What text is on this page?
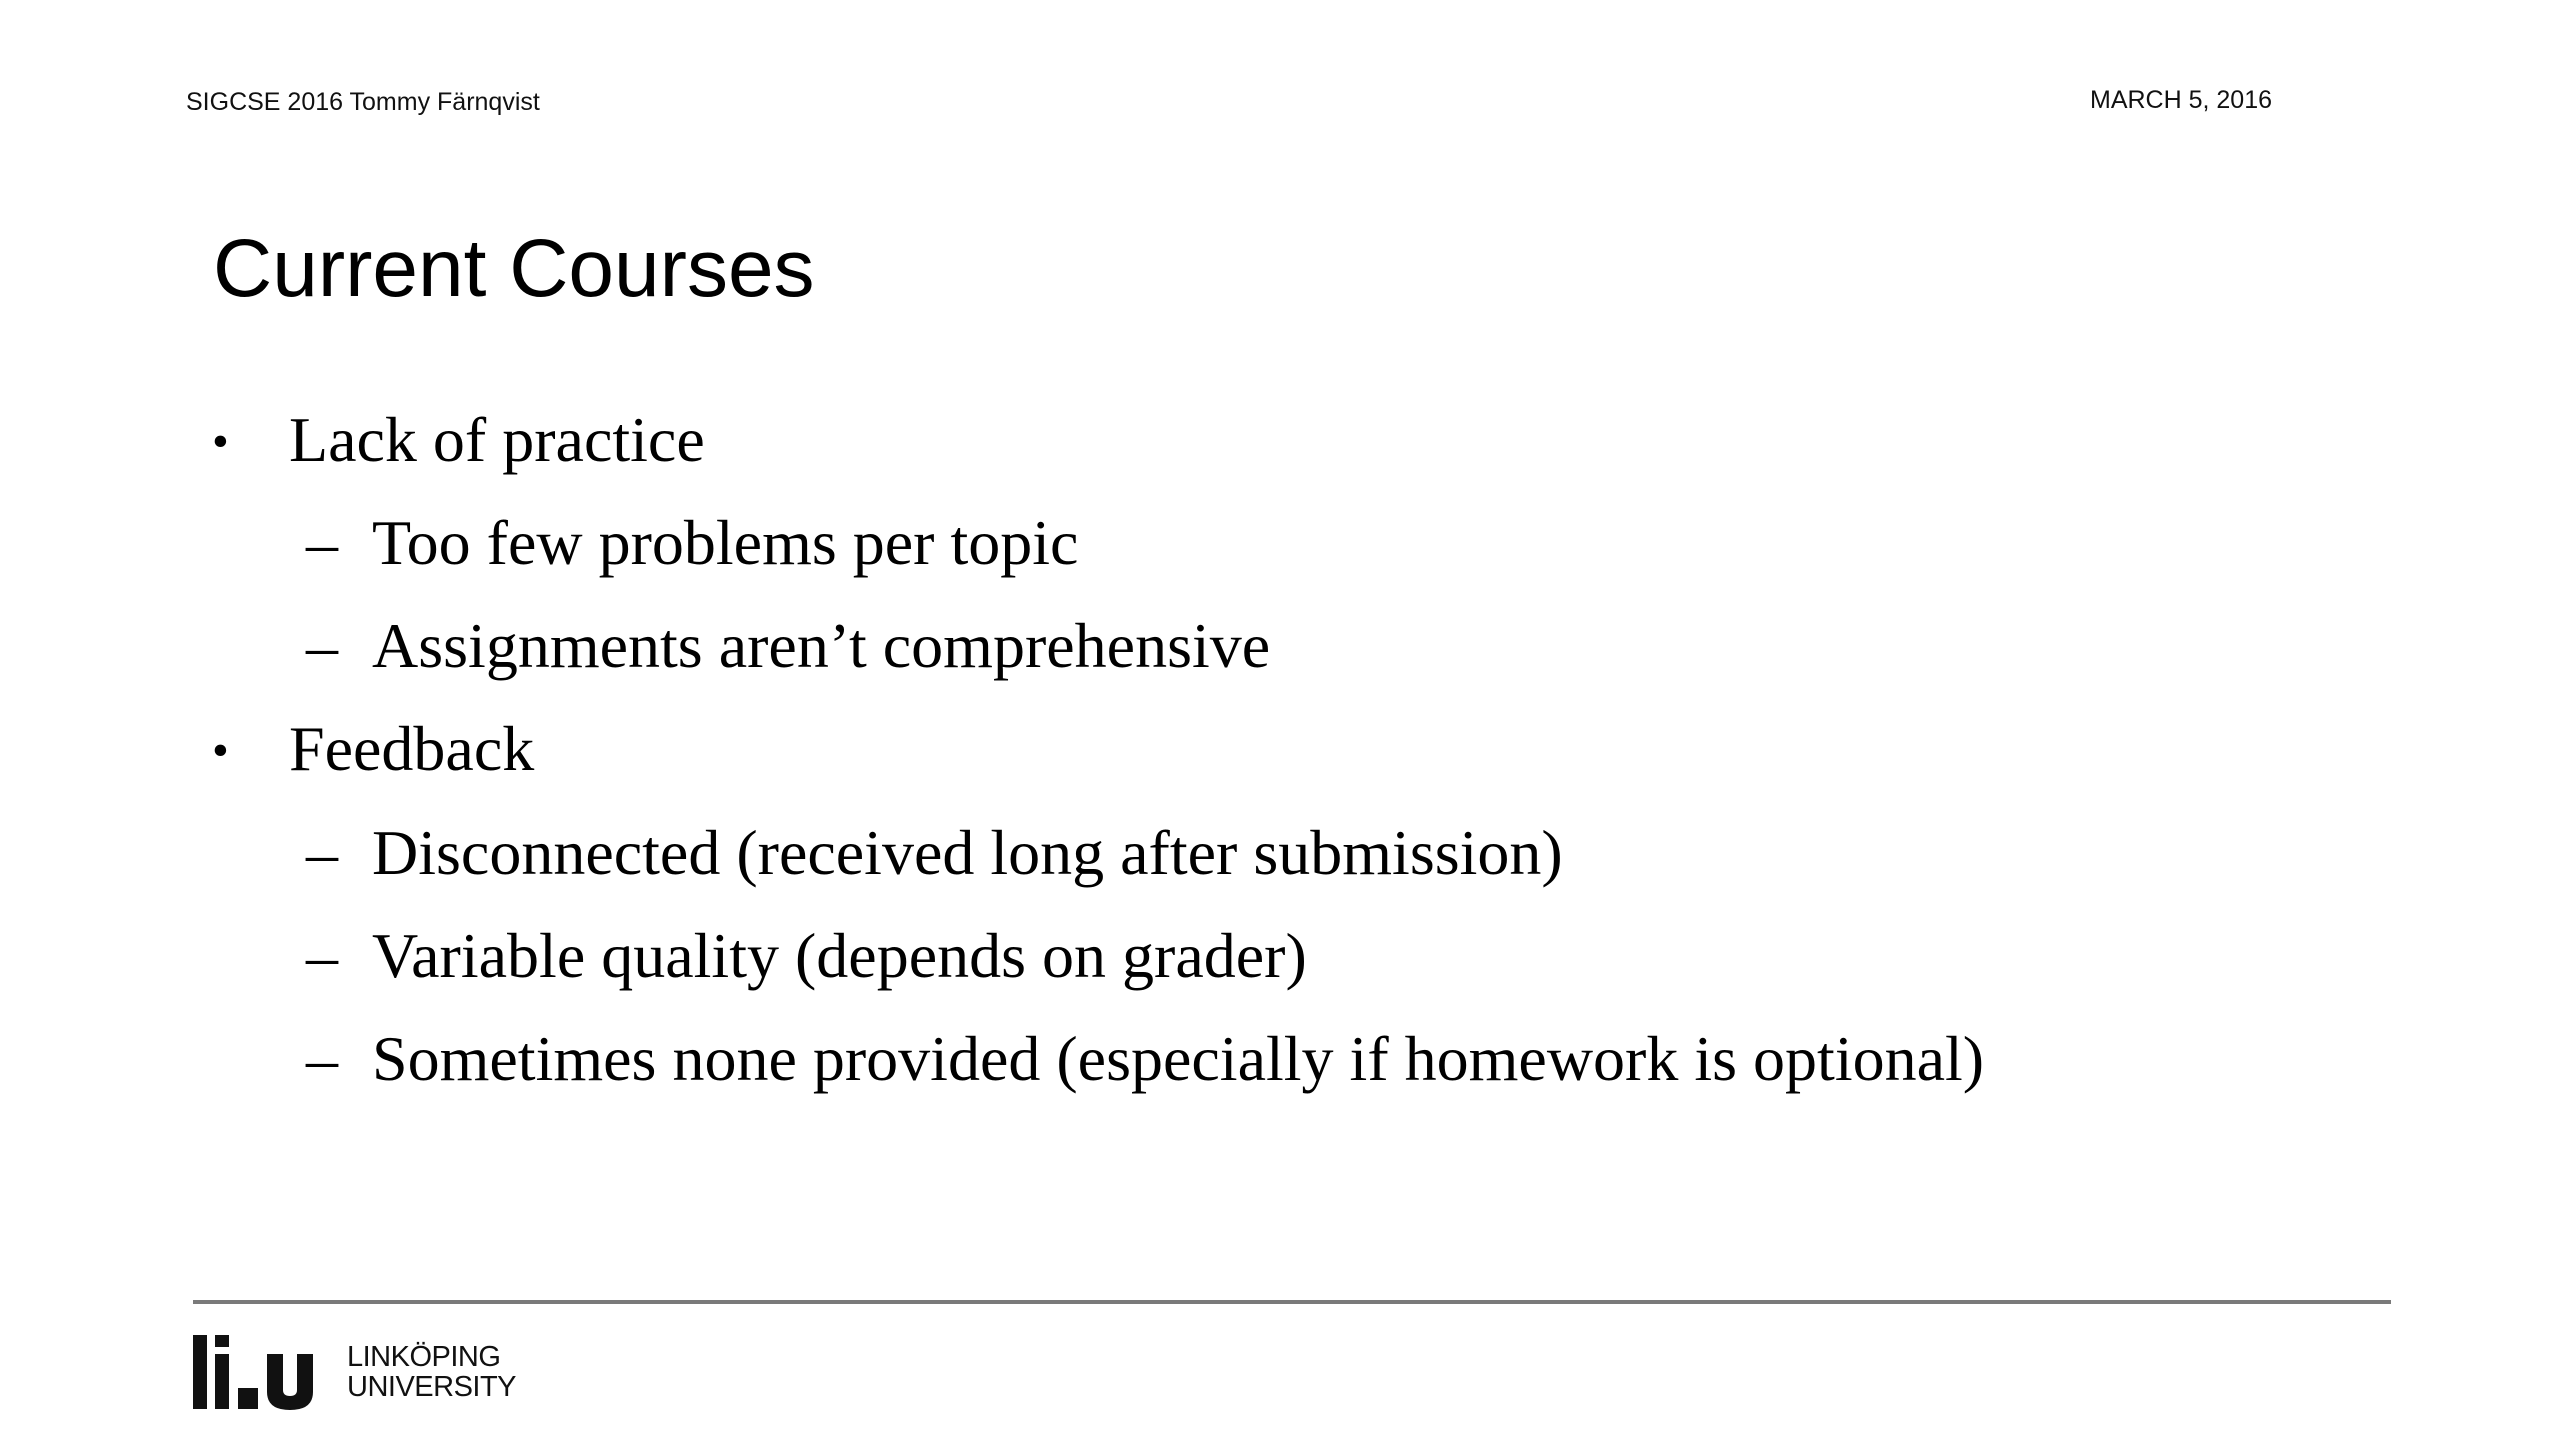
SIGCSE 2016 Tommy Färnqvist	MARCH 5, 2016
Current Courses
• Lack of practice
– Too few problems per topic
– Assignments aren’t comprehensive
• Feedback
– Disconnected (received long after submission)
– Variable quality (depends on grader)
– Sometimes none provided (especially if homework is optional)
LINKÖPING
UNIVERSITY
